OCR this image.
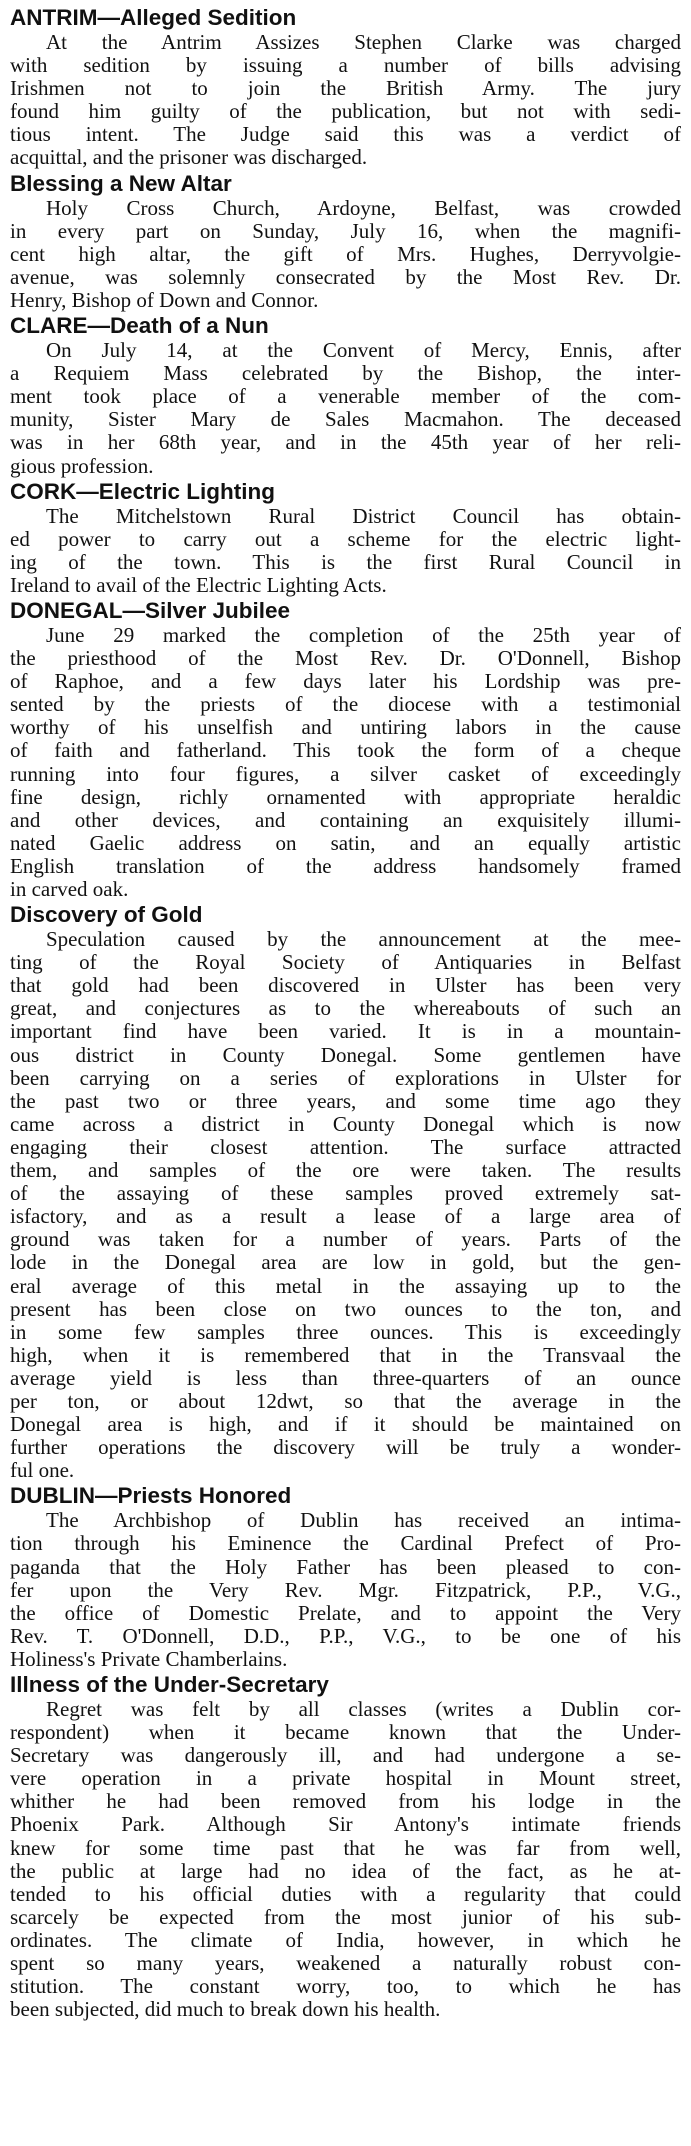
ANTRIM—Alleged Sedition
At the Antrim Assizes Stephen Clarke was charged
with sedition by issuing a number of bills advising
Irishmen not to join the British Army. The jury
found him guilty of the publication, but not with sedi-
tious intent. The Judge said this was a verdict of
acquittal, and the prisoner was discharged.
Blessing a New Altar
Holy Cross Church, Ardoyne, Belfast, was crowded
in every part on Sunday, July 16, when the magnifi-
cent high altar, the gift of Mrs. Hughes, Derryvolgie-
avenue, was solemnly consecrated by the Most Rev. Dr.
Henry, Bishop of Down and Connor.
CLARE—Death of a Nun
On July 14, at the Convent of Mercy, Ennis, after
a Requiem Mass celebrated by the Bishop, the inter-
ment took place of a venerable member of the com-
munity, Sister Mary de Sales Macmahon. The deceased
was in her 68th year, and in the 45th year of her reli-
gious profession.
CORK—Electric Lighting
The Mitchelstown Rural District Council has obtain-
ed power to carry out a scheme for the electric light-
ing of the town. This is the first Rural Council in
Ireland to avail of the Electric Lighting Acts.
DONEGAL—Silver Jubilee
June 29 marked the completion of the 25th year of
the priesthood of the Most Rev. Dr. O'Donnell, Bishop
of Raphoe, and a few days later his Lordship was pre-
sented by the priests of the diocese with a testimonial
worthy of his unselfish and untiring labors in the cause
of faith and fatherland. This took the form of a cheque
running into four figures, a silver casket of exceedingly
fine design, richly ornamented with appropriate heraldic
and other devices, and containing an exquisitely illumi-
nated Gaelic address on satin, and an equally artistic
English translation of the address handsomely framed
in carved oak.
Discovery of Gold
Speculation caused by the announcement at the mee-
ting of the Royal Society of Antiquaries in Belfast
that gold had been discovered in Ulster has been very
great, and conjectures as to the whereabouts of such an
important find have been varied. It is in a mountain-
ous district in County Donegal. Some gentlemen have
been carrying on a series of explorations in Ulster for
the past two or three years, and some time ago they
came across a district in County Donegal which is now
engaging their closest attention. The surface attracted
them, and samples of the ore were taken. The results
of the assaying of these samples proved extremely sat-
isfactory, and as a result a lease of a large area of
ground was taken for a number of years. Parts of the
lode in the Donegal area are low in gold, but the gen-
eral average of this metal in the assaying up to the
present has been close on two ounces to the ton, and
in some few samples three ounces. This is exceedingly
high, when it is remembered that in the Transvaal the
average yield is less than three-quarters of an ounce
per ton, or about 12dwt, so that the average in the
Donegal area is high, and if it should be maintained on
further operations the discovery will be truly a wonder-
ful one.
DUBLIN—Priests Honored
The Archbishop of Dublin has received an intima-
tion through his Eminence the Cardinal Prefect of Pro-
paganda that the Holy Father has been pleased to con-
fer upon the Very Rev. Mgr. Fitzpatrick, P.P., V.G.,
the office of Domestic Prelate, and to appoint the Very
Rev. T. O'Donnell, D.D., P.P., V.G., to be one of his
Holiness's Private Chamberlains.
Illness of the Under-Secretary
Regret was felt by all classes (writes a Dublin cor-
respondent) when it became known that the Under-
Secretary was dangerously ill, and had undergone a se-
vere operation in a private hospital in Mount street,
whither he had been removed from his lodge in the
Phoenix Park. Although Sir Antony's intimate friends
knew for some time past that he was far from well,
the public at large had no idea of the fact, as he at-
tended to his official duties with a regularity that could
scarcely be expected from the most junior of his sub-
ordinates. The climate of India, however, in which he
spent so many years, weakened a naturally robust con-
stitution. The constant worry, too, to which he has
been subjected, did much to break down his health.
